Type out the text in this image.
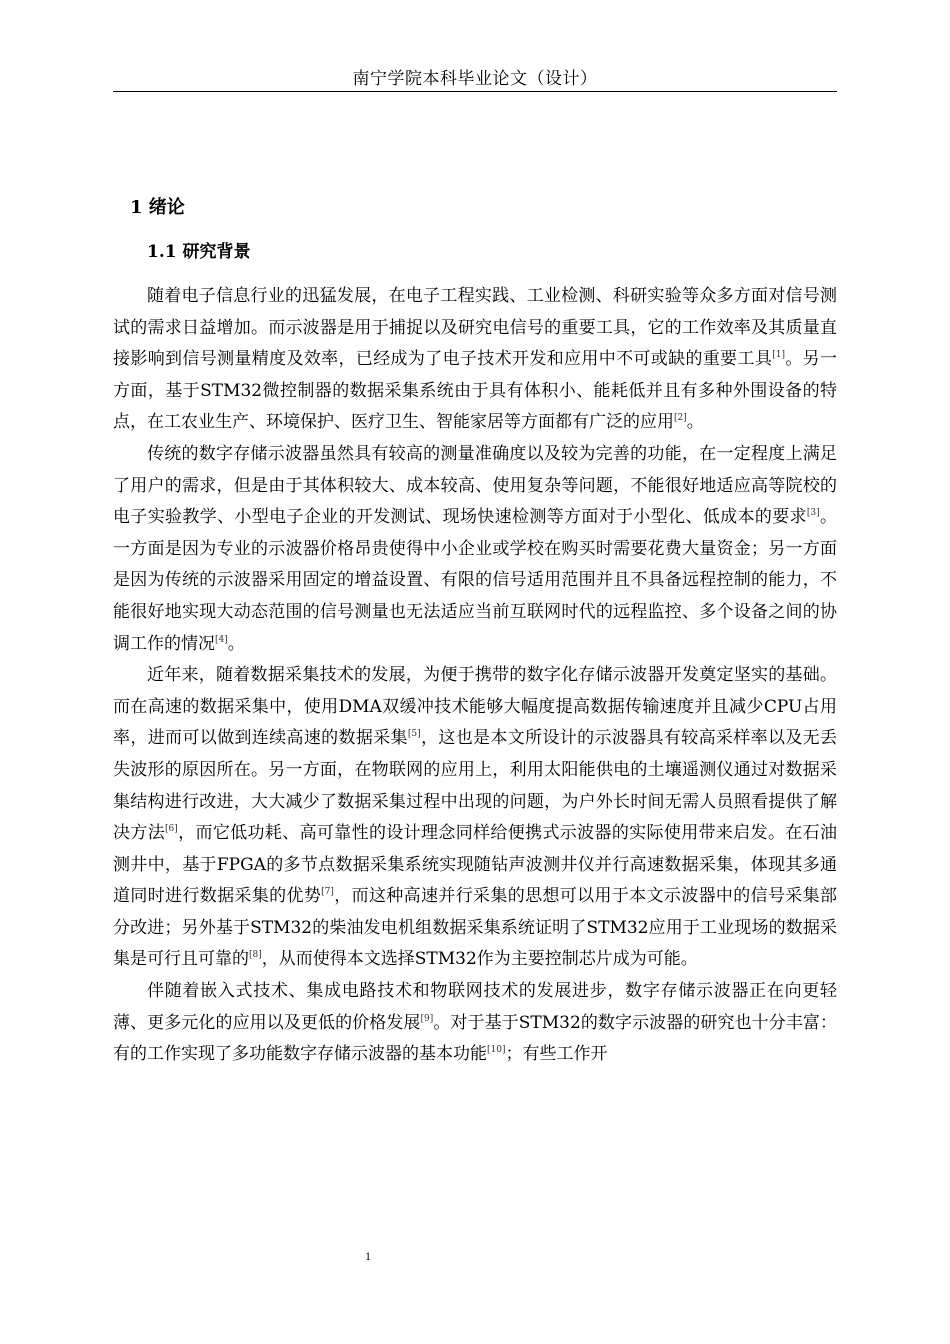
南宁学院本科毕业论文（设计）
1 绪论
1.1 研究背景

随着电子信息行业的迅猛发展，在电子工程实践、工业检测、科研实验等众多方面对信号测试的需求日益增加。而示波器是用于捕捉以及研究电信号的重要工具，它的工作效率及其质量直接影响到信号测量精度及效率，已经成为了电子技术开发和应用中不可或缺的重要工具[1]。另一方面，基于STM32微控制器的数据采集系统由于具有体积小、能耗低并且有多种外围设备的特点，在工农业生产、环境保护、医疗卫生、智能家居等方面都有广泛的应用[2]。

传统的数字存储示波器虽然具有较高的测量准确度以及较为完善的功能，在一定程度上满足了用户的需求，但是由于其体积较大、成本较高、使用复杂等问题，不能很好地适应高等院校的电子实验教学、小型电子企业的开发测试、现场快速检测等方面对于小型化、低成本的要求[3]。一方面是因为专业的示波器价格昂贵使得中小企业或学校在购买时需要花费大量资金；另一方面是因为传统的示波器采用固定的增益设置、有限的信号适用范围并且不具备远程控制的能力，不能很好地实现大动态范围的信号测量也无法适应当前互联网时代的远程监控、多个设备之间的协调工作的情况[4]。

近年来，随着数据采集技术的发展，为便于携带的数字化存储示波器开发奠定坚实的基础。而在高速的数据采集中，使用DMA双缓冲技术能够大幅度提高数据传输速度并且减少CPU占用率，进而可以做到连续高速的数据采集[5]，这也是本文所设计的示波器具有较高采样率以及无丢失波形的原因所在。另一方面，在物联网的应用上，利用太阳能供电的土壤遥测仪通过对数据采集结构进行改进，大大减少了数据采集过程中出现的问题，为户外长时间无需人员照看提供了解决方法[6]，而它低功耗、高可靠性的设计理念同样给便携式示波器的实际使用带来启发。在石油测井中，基于FPGA的多节点数据采集系统实现随钻声波测井仪并行高速数据采集，体现其多通道同时进行数据采集的优势[7]，而这种高速并行采集的思想可以用于本文示波器中的信号采集部分改进；另外基于STM32的柴油发电机组数据采集系统证明了STM32应用于工业现场的数据采集是可行且可靠的[8]，从而使得本文选择STM32作为主要控制芯片成为可能。

伴随着嵌入式技术、集成电路技术和物联网技术的发展进步，数字存储示波器正在向更轻薄、更多元化的应用以及更低的价格发展[9]。对于基于STM32的数字示波器的研究也十分丰富：有的工作实现了多功能数字存储示波器的基本功能[10]；有些工作开

1
